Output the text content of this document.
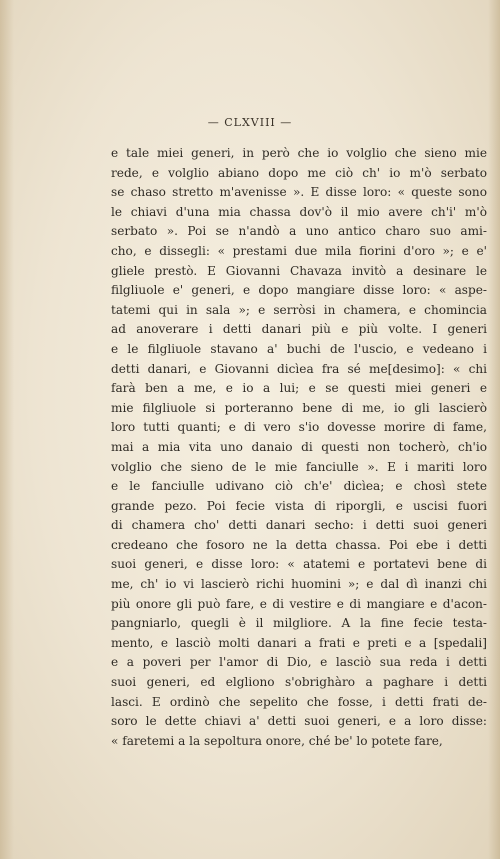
— CLXVIII —
e tale miei generi, in però che io volglio che sieno mie
rede, e volglio abiano dopo me ciò ch' io m'ò serbato
se chaso stretto m'avenisse ». E disse loro: « queste sono
le chiavi d'una mia chassa dov'ò il mio avere ch'i' m'ò
serbato ». Poi se n'andò a uno antico charo suo ami-
cho, e dissegli: « prestami due mila fiorini d'oro »; e e'
gliele prestò. E Giovanni Chavaza invitò a desinare le
filgliuole e' generi, e dopo mangiare disse loro: « aspe-
tatemi qui in sala »; e serròsi in chamera, e chomincia
ad anoverare i detti danari più e più volte. I generi
e le filgliuole stavano a' buchi de l'uscio, e vedeano i
detti danari, e Giovanni dicìea fra sé me[desimo]: « chi
farà ben a me, e io a lui; e se questi miei generi e
mie filgliuole si porteranno bene di me, io gli lascierò
loro tutti quanti; e di vero s'io dovesse morire di fame,
mai a mia vita uno danaio di questi non tocherò, ch'io
volglio che sieno de le mie fanciulle ». E i mariti loro
e le fanciulle udivano ciò ch'e' dicìea; e chosì stete
grande pezo. Poi fecie vista di riporgli, e uscisi fuori
di chamera cho' detti danari secho: i detti suoi generi
credeano che fosoro ne la detta chassa. Poi ebe i detti
suoi generi, e disse loro: « atatemi e portatevi bene di
me, ch' io vi lascierò richi huomini »; e dal dì inanzi chi
più onore gli può fare, e di vestire e di mangiare e d'acon-
pangniarlo, quegli è il milgliore. A la fine fecie testa-
mento, e lasciò molti danari a frati e preti e a [spedali]
e a poveri per l'amor di Dio, e lasciò sua reda i detti
suoi generi, ed elgliono s'obrighàro a paghare i detti
lasci. E ordinò che sepelito che fosse, i detti frati de-
soro le dette chiavi a' detti suoi generi, e a loro disse:
« faretemi a la sepoltura onore, ché be' lo potete fare,
